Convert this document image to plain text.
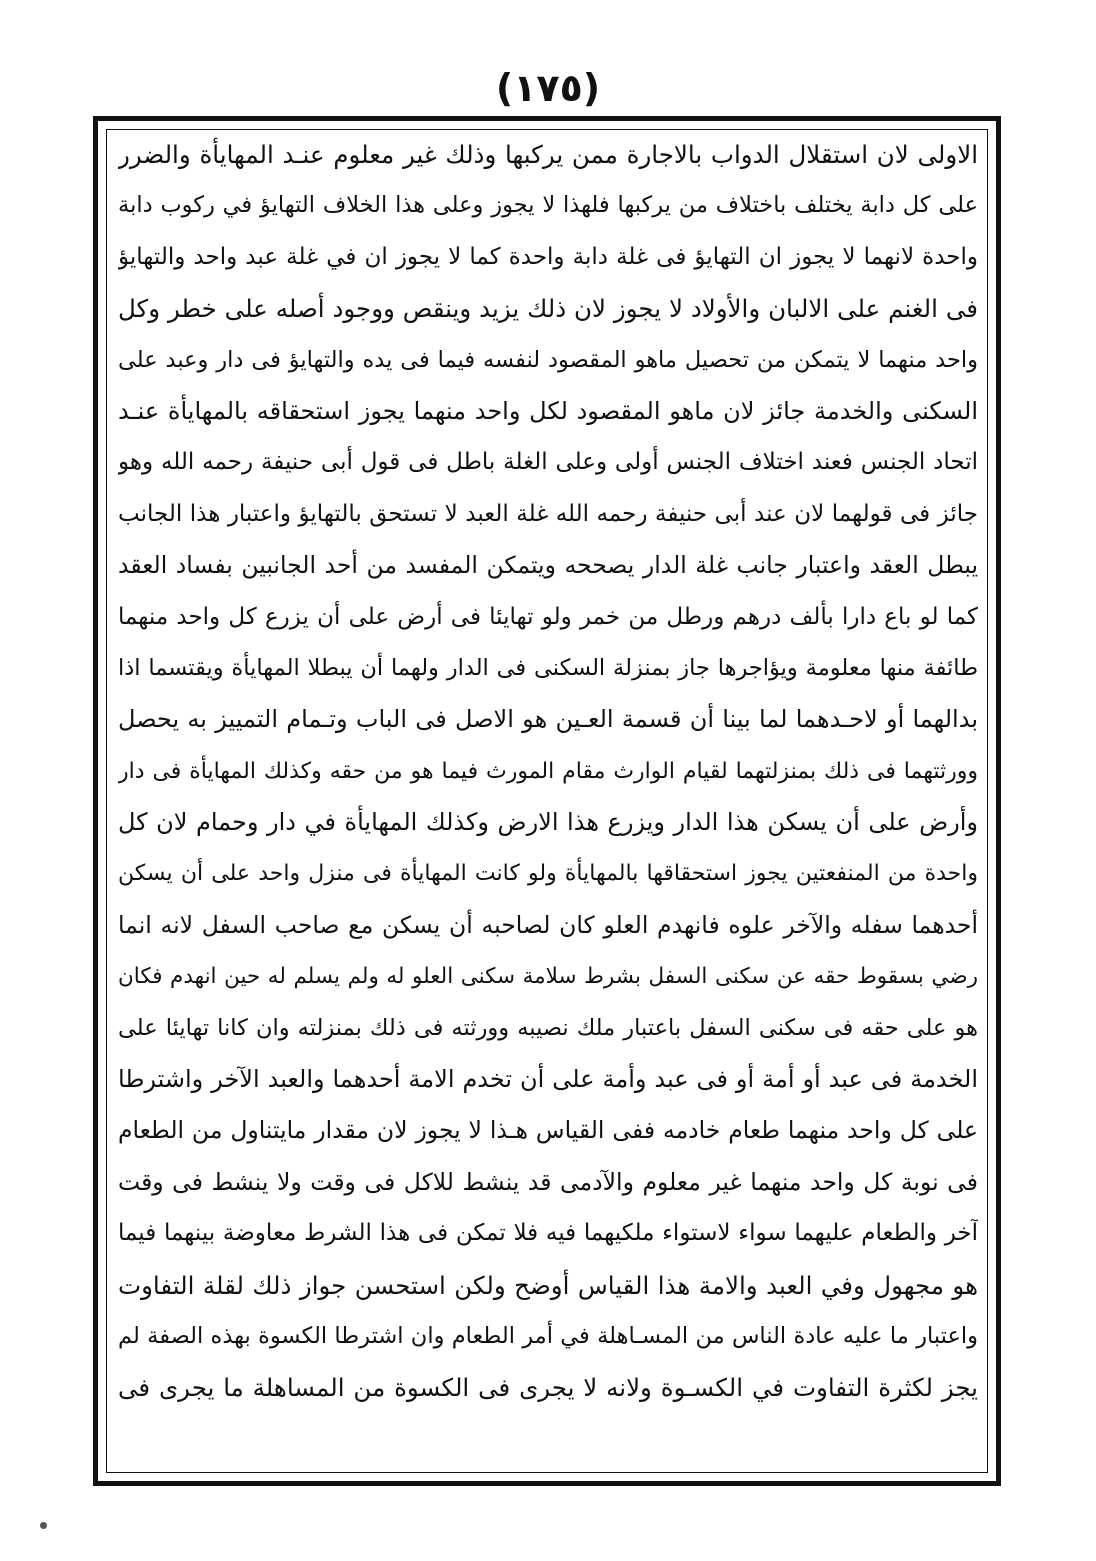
(١٧٥)
الاولى لان استقلال الدواب بالاجارة ممن يركبها وذلك غير معلوم عنـد المهايأة والضرر
على كل دابة يختلف باختلاف من يركبها فلهذا لا يجوز وعلى هذا الخلاف التهايؤ في ركوب دابة
واحدة لانهما لا يجوز ان التهايؤ فى غلة دابة واحدة كما لا يجوز ان في غلة عبد واحد والتهايؤ
فى الغنم على الالبان والأولاد لا يجوز لان ذلك يزيد وينقص ووجود أصله على خطر وكل
واحد منهما لا يتمكن من تحصيل ماهو المقصود لنفسه فيما فى يده والتهايؤ فى دار وعبد على
السكنى والخدمة جائز لان ماهو المقصود لكل واحد منهما يجوز استحقاقه بالمهايأة عنـد
اتحاد الجنس فعند اختلاف الجنس أولى وعلى الغلة باطل فى قول أبى حنيفة رحمه الله وهو
جائز فى قولهما لان عند أبى حنيفة رحمه الله غلة العبد لا تستحق بالتهايؤ واعتبار هذا الجانب
يبطل العقد واعتبار جانب غلة الدار يصححه ويتمكن المفسد من أحد الجانبين بفساد العقد
كما لو باع دارا بألف درهم ورطل من خمر ولو تهايئا فى أرض على أن يزرع كل واحد منهما
طائفة منها معلومة ويؤاجرها جاز بمنزلة السكنى فى الدار ولهما أن يبطلا المهايأة ويقتسما اذا
بدالهما أو لاحـدهما لما بينا أن قسمة العـين هو الاصل فى الباب وتـمام التمييز به يحصل
وورثتهما فى ذلك بمنزلتهما لقيام الوارث مقام المورث فيما هو من حقه وكذلك المهايأة فى دار
وأرض على أن يسكن هذا الدار ويزرع هذا الارض وكذلك المهايأة في دار وحمام لان كل
واحدة من المنفعتين يجوز استحقاقها بالمهايأة ولو كانت المهايأة فى منزل واحد على أن يسكن
أحدهما سفله والآخر علوه فانهدم العلو كان لصاحبه أن يسكن مع صاحب السفل لانه انما
رضي بسقوط حقه عن سكنى السفل بشرط سلامة سكنى العلو له ولم يسلم له حين انهدم فكان
هو على حقه فى سكنى السفل باعتبار ملك نصيبه وورثته فى ذلك بمنزلته وان كانا تهايئا على
الخدمة فى عبد أو أمة أو فى عبد وأمة على أن تخدم الامة أحدهما والعبد الآخر واشترطا
على كل واحد منهما طعام خادمه ففى القياس هـذا لا يجوز لان مقدار مايتناول من الطعام
فى نوبة كل واحد منهما غير معلوم والآدمى قد ينشط للاكل فى وقت ولا ينشط فى وقت
آخر والطعام عليهما سواء لاستواء ملكيهما فيه فلا تمكن فى هذا الشرط معاوضة بينهما فيما
هو مجهول وفي العبد والامة هذا القياس أوضح ولكن استحسن جواز ذلك لقلة التفاوت
واعتبار ما عليه عادة الناس من المسـاهلة في أمر الطعام وان اشترطا الكسوة بهذه الصفة لم
يجز لكثرة التفاوت في الكسـوة ولانه لا يجرى فى الكسوة من المساهلة ما يجرى فى
